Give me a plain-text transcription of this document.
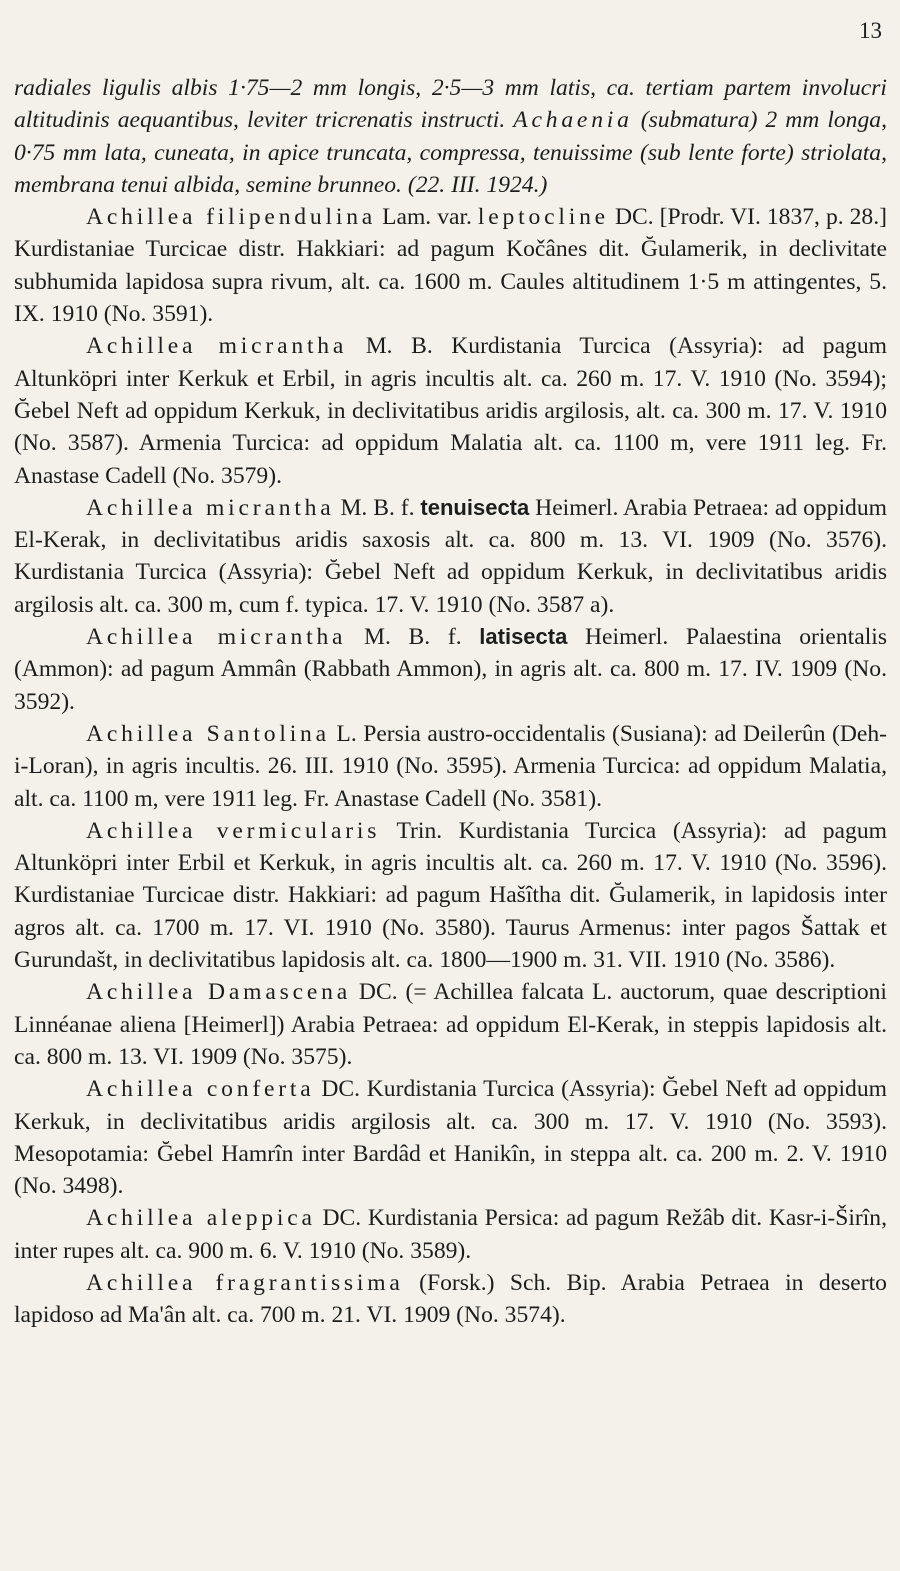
13

radiales ligulis albis 1·75—2 mm longis, 2·5—3 mm latis, ca. tertiam partem involucri altitudinis aequantibus, leviter tricrenatis instructi. Achaenia (submatura) 2 mm longa, 0·75 mm lata, cuneata, in apice truncata, compressa, tenuissime (sub lente forte) striolata, membrana tenui albida, semine brunneo. (22. III. 1924.)

Achillea filipendulina Lam. var. leptocline DC. [Prodr. VI. 1837, p. 28.] Kurdistaniae Turcicae distr. Hakkiari: ad pagum Kočânes dit. Ğulamerik, in declivitate subhumida lapidosa supra rivum, alt. ca. 1600 m. Caules altitudinem 1·5 m attingentes, 5. IX. 1910 (No. 3591).

Achillea micrantha M. B. Kurdistania Turcica (Assyria): ad pagum Altunköpri inter Kerkuk et Erbil, in agris incultis alt. ca. 260 m. 17. V. 1910 (No. 3594); Ğebel Neft ad oppidum Kerkuk, in declivitatibus aridis argilosis, alt. ca. 300 m. 17. V. 1910 (No. 3587). Armenia Turcica: ad oppidum Malatia alt. ca. 1100 m, vere 1911 leg. Fr. Anastase Cadell (No. 3579).

Achillea micrantha M. B. f. tenuisecta Heimerl. Arabia Petraea: ad oppidum El-Kerak, in declivitatibus aridis saxosis alt. ca. 800 m. 13. VI. 1909 (No. 3576). Kurdistania Turcica (Assyria): Ğebel Neft ad oppidum Kerkuk, in declivitatibus aridis argilosis alt. ca. 300 m, cum f. typica. 17. V. 1910 (No. 3587 a).

Achillea micrantha M. B. f. latisecta Heimerl. Palaestina orientalis (Ammon): ad pagum Ammân (Rabbath Ammon), in agris alt. ca. 800 m. 17. IV. 1909 (No. 3592).

Achillea Santolina L. Persia austro-occidentalis (Susiana): ad Deilerûn (Deh-i-Loran), in agris incultis. 26. III. 1910 (No. 3595). Armenia Turcica: ad oppidum Malatia, alt. ca. 1100 m, vere 1911 leg. Fr. Anastase Cadell (No. 3581).

Achillea vermicularis Trin. Kurdistania Turcica (Assyria): ad pagum Altunköpri inter Erbil et Kerkuk, in agris incultis alt. ca. 260 m. 17. V. 1910 (No. 3596). Kurdistaniae Turcicae distr. Hakkiari: ad pagum Hašîtha dit. Ğulamerik, in lapidosis inter agros alt. ca. 1700 m. 17. VI. 1910 (No. 3580). Taurus Armenus: inter pagos Šattak et Gurundašt, in declivitatibus lapidosis alt. ca. 1800—1900 m. 31. VII. 1910 (No. 3586).

Achillea Damascena DC. (= Achillea falcata L. auctorum, quae descriptioni Linnéanae aliena [Heimerl]) Arabia Petraea: ad oppidum El-Kerak, in steppis lapidosis alt. ca. 800 m. 13. VI. 1909 (No. 3575).

Achillea conferta DC. Kurdistania Turcica (Assyria): Ğebel Neft ad oppidum Kerkuk, in declivitatibus aridis argilosis alt. ca. 300 m. 17. V. 1910 (No. 3593). Mesopotamia: Ğebel Hamrîn inter Bardâd et Hanikîn, in steppa alt. ca. 200 m. 2. V. 1910 (No. 3498).

Achillea aleppica DC. Kurdistania Persica: ad pagum Režâb dit. Kasr-i-Širîn, inter rupes alt. ca. 900 m. 6. V. 1910 (No. 3589).

Achillea fragrantissima (Forsk.) Sch. Bip. Arabia Petraea in deserto lapidoso ad Ma'ân alt. ca. 700 m. 21. VI. 1909 (No. 3574).
